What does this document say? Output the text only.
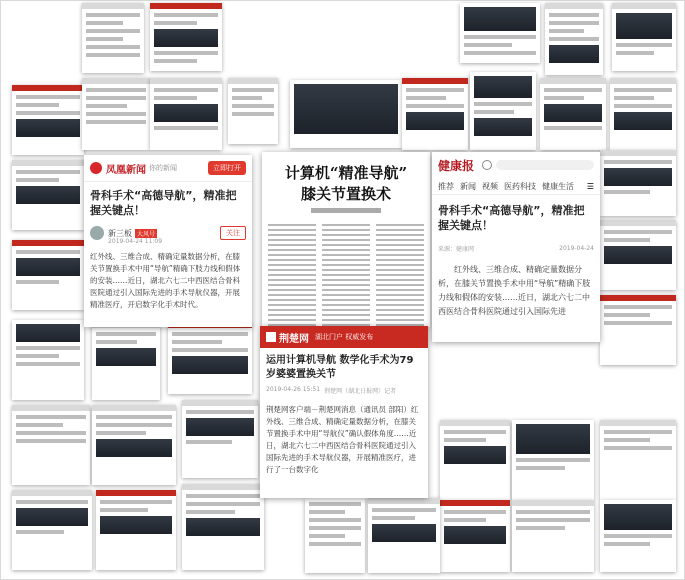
凤凰新闻 你的新闻	立即打开
骨科手术“高德导航”，精准把握关键点！
新三板 大风号	关注
2019-04-24 11:09
红外线、三维合成、精确定量数据分析，在膝关节置换手术中用“导航”精确下肢力线和假体的安装……近日，湖北六七二中西医结合骨科医院通过引入国际先进的手术导航仪器，开展精准医疗，开启数字化手术时代。
计算机“精准导航”
膝关节置换术
健康报
推荐 新闻 视频 医药科技 健康生活 ☰
骨科手术“高德导航”，精准把握关键点！
来源：健康网	2019-04-24
红外线、三维合成、精确定量数据分析，在膝关节置换手术中用“导航”精确下肢力线和假体的安装……近日，湖北六七二中西医结合骨科医院通过引入国际先进
荆楚网 湖北门户 权威发布
运用计算机导航 数学化手术为79岁婆婆置换关节
2019-04-26 15:51 荆楚网（湖北日报网）记者
荆楚网客户端－荆楚网消息（通讯员 部阳）红外线、三维合成、精确定量数据分析，在膝关节置换手术中用“导航仪”确认假体角度……近日，湖北六七二中西医结合骨科医院通过引入国际先进的手术导航仪器，开展精准医疗，进行了一台数字化
